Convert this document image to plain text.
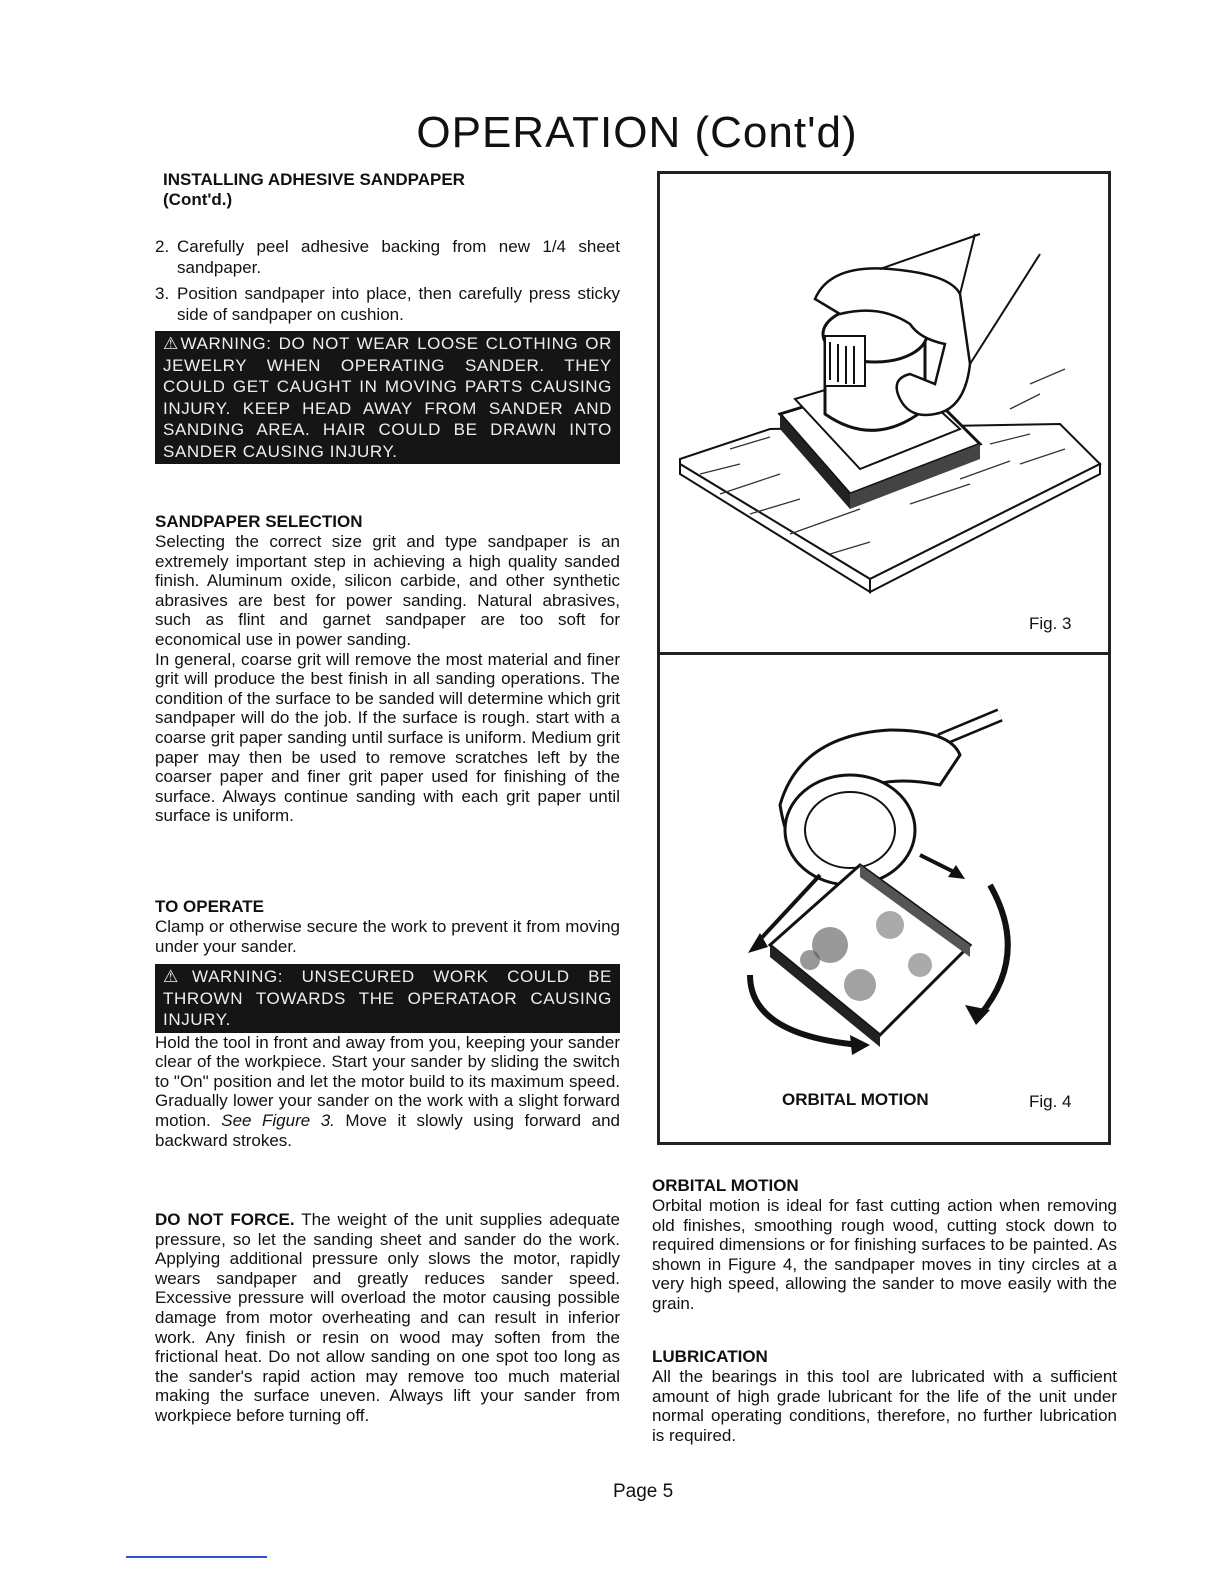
OPERATION (Cont'd)
INSTALLING ADHESIVE SANDPAPER
(Cont'd.)
2. Carefully peel adhesive backing from new 1/4 sheet sandpaper.
3. Position sandpaper into place, then carefully press sticky side of sandpaper on cushion.
⚠WARNING: DO NOT WEAR LOOSE CLOTHING OR JEWELRY WHEN OPERATING SANDER. THEY COULD GET CAUGHT IN MOVING PARTS CAUSING INJURY. KEEP HEAD AWAY FROM SANDER AND SANDING AREA. HAIR COULD BE DRAWN INTO SANDER CAUSING INJURY.
SANDPAPER SELECTION
Selecting the correct size grit and type sandpaper is an extremely important step in achieving a high quality sanded finish. Aluminum oxide, silicon carbide, and other synthetic abrasives are best for power sanding. Natural abrasives, such as flint and garnet sandpaper are too soft for economical use in power sanding.
In general, coarse grit will remove the most material and finer grit will produce the best finish in all sanding operations. The condition of the surface to be sanded will determine which grit sandpaper will do the job. If the surface is rough. start with a coarse grit paper sanding until surface is uniform. Medium grit paper may then be used to remove scratches left by the coarser paper and finer grit paper used for finishing of the surface. Always continue sanding with each grit paper until surface is uniform.
TO OPERATE
Clamp or otherwise secure the work to prevent it from moving under your sander.
⚠WARNING: UNSECURED WORK COULD BE THROWN TOWARDS THE OPERATAOR CAUSING INJURY.
Hold the tool in front and away from you, keeping your sander clear of the workpiece. Start your sander by sliding the switch to "On" position and let the motor build to its maximum speed. Gradually lower your sander on the work with a slight forward motion. See Figure 3. Move it slowly using forward and backward strokes.
DO NOT FORCE. The weight of the unit supplies adequate pressure, so let the sanding sheet and sander do the work. Applying additional pressure only slows the motor, rapidly wears sandpaper and greatly reduces sander speed. Excessive pressure will overload the motor causing possible damage from motor overheating and can result in inferior work. Any finish or resin on wood may soften from the frictional heat. Do not allow sanding on one spot too long as the sander's rapid action may remove too much material making the surface uneven. Always lift your sander from workpiece before turning off.
Fig. 3
ORBITAL MOTION	Fig. 4
ORBITAL MOTION
Orbital motion is ideal for fast cutting action when removing old finishes, smoothing rough wood, cutting stock down to required dimensions or for finishing surfaces to be painted. As shown in Figure 4, the sandpaper moves in tiny circles at a very high speed, allowing the sander to move easily with the grain.
LUBRICATION
All the bearings in this tool are lubricated with a sufficient amount of high grade lubricant for the life of the unit under normal operating conditions, therefore, no further lubrication is required.
Page 5
